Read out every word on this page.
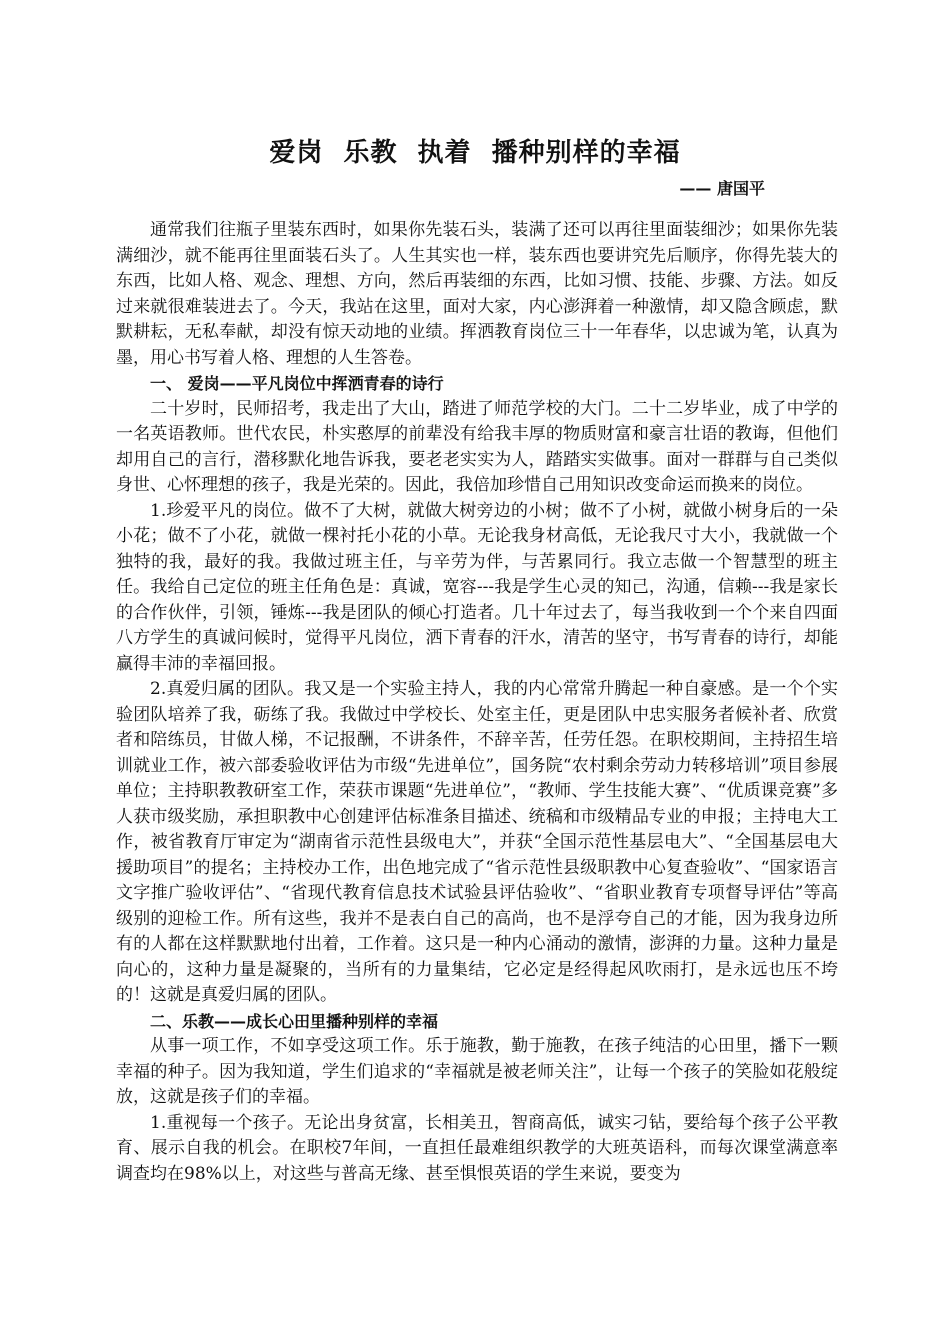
爱岗 乐教 执着 播种别样的幸福
—— 唐国平

通常我们往瓶子里装东西时，如果你先装石头，装满了还可以再往里面装细沙；如果你先装满细沙，就不能再往里面装石头了。人生其实也一样，装东西也要讲究先后顺序，你得先装大的东西，比如人格、观念、理想、方向，然后再装细的东西，比如习惯、技能、步骤、方法。如反过来就很难装进去了。今天，我站在这里，面对大家，内心澎湃着一种激情，却又隐含顾虑，默默耕耘，无私奉献，却没有惊天动地的业绩。挥洒教育岗位三十一年春华，以忠诚为笔，认真为墨，用心书写着人格、理想的人生答卷。

一、 爱岗——平凡岗位中挥洒青春的诗行

二十岁时，民师招考，我走出了大山，踏进了师范学校的大门。二十二岁毕业，成了中学的一名英语教师。世代农民，朴实憨厚的前辈没有给我丰厚的物质财富和豪言壮语的教诲，但他们却用自己的言行，潜移默化地告诉我，要老老实实为人，踏踏实实做事。面对一群群与自己类似身世、心怀理想的孩子，我是光荣的。因此，我倍加珍惜自己用知识改变命运而换来的岗位。

1.珍爱平凡的岗位。做不了大树，就做大树旁边的小树；做不了小树，就做小树身后的一朵小花；做不了小花，就做一棵衬托小花的小草。无论我身材高低，无论我尺寸大小，我就做一个独特的我，最好的我。我做过班主任，与辛劳为伴，与苦累同行。我立志做一个智慧型的班主任。我给自己定位的班主任角色是：真诚，宽容---我是学生心灵的知己，沟通，信赖---我是家长的合作伙伴，引领，锤炼---我是团队的倾心打造者。几十年过去了，每当我收到一个个来自四面八方学生的真诚问候时，觉得平凡岗位，洒下青春的汗水，清苦的坚守，书写青春的诗行，却能赢得丰沛的幸福回报。

2.真爱归属的团队。我又是一个实验主持人，我的内心常常升腾起一种自豪感。是一个个实验团队培养了我，砺练了我。我做过中学校长、处室主任，更是团队中忠实服务者候补者、欣赏者和陪练员，甘做人梯，不记报酬，不讲条件，不辞辛苦，任劳任怨。在职校期间，主持招生培训就业工作，被六部委验收评估为市级“先进单位”，国务院“农村剩余劳动力转移培训”项目参展单位；主持职教教研室工作，荣获市课题“先进单位”，“教师、学生技能大赛”、“优质课竞赛”多人获市级奖励，承担职教中心创建评估标准条目描述、统稿和市级精品专业的申报；主持电大工作，被省教育厅审定为“湖南省示范性县级电大”，并获“全国示范性基层电大”、“全国基层电大援助项目”的提名；主持校办工作，出色地完成了“省示范性县级职教中心复查验收”、“国家语言文字推广验收评估”、“省现代教育信息技术试验县评估验收”、“省职业教育专项督导评估”等高级别的迎检工作。所有这些，我并不是表白自己的高尚，也不是浮夸自己的才能，因为我身边所有的人都在这样默默地付出着，工作着。这只是一种内心涌动的激情，澎湃的力量。这种力量是向心的，这种力量是凝聚的，当所有的力量集结，它必定是经得起风吹雨打，是永远也压不垮的！这就是真爱归属的团队。

二、乐教——成长心田里播种别样的幸福

从事一项工作，不如享受这项工作。乐于施教，勤于施教，在孩子纯洁的心田里，播下一颗幸福的种子。因为我知道，学生们追求的“幸福就是被老师关注”，让每一个孩子的笑脸如花般绽放，这就是孩子们的幸福。

1.重视每一个孩子。无论出身贫富，长相美丑，智商高低，诚实刁钻，要给每个孩子公平教育、展示自我的机会。在职校7年间，一直担任最难组织教学的大班英语科，而每次课堂满意率调查均在98%以上，对这些与普高无缘、甚至惧恨英语的学生来说，要变为
